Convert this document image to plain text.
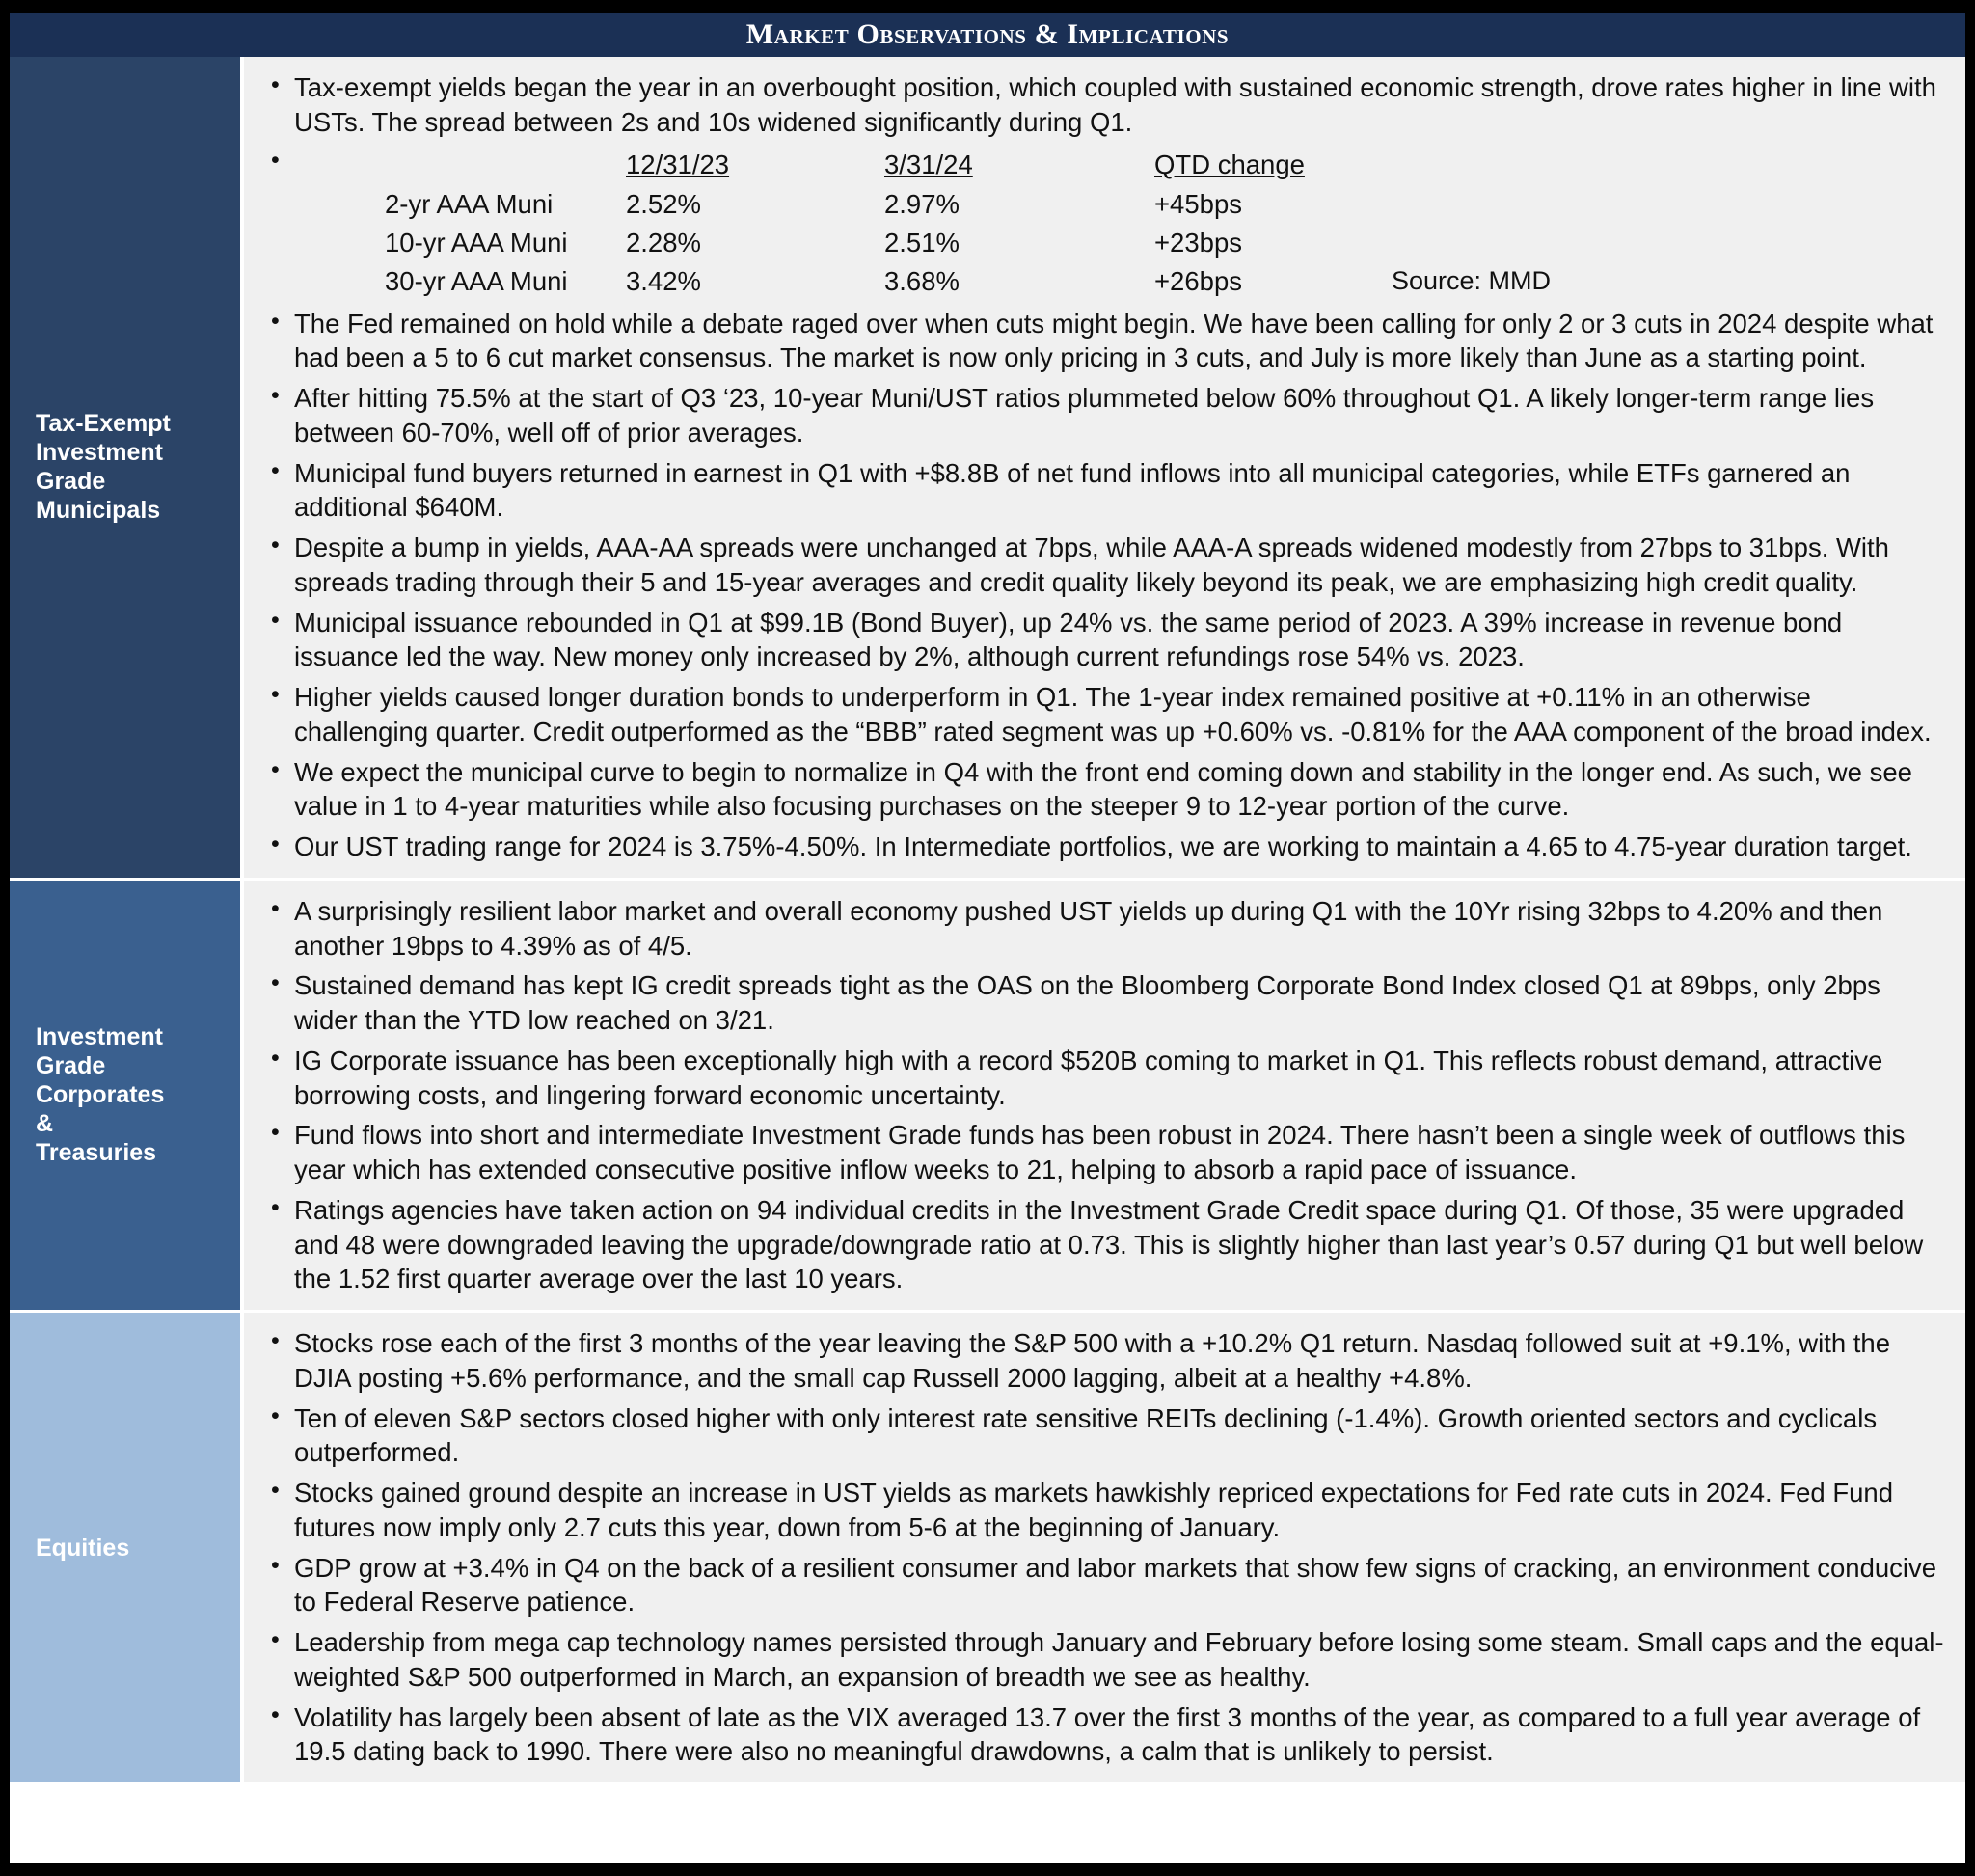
Market Observations & Implications
Tax-Exempt
Investment
Grade
Municipals
• Tax-exempt yields began the year in an overbought position, which coupled with sustained economic strength, drove rates higher in line with USTs. The spread between 2s and 10s widened significantly during Q1.
	• 12/31/23	3/31/24	QTD change
2-yr AAA Muni	2.52%	2.97%	+45bps
10-yr AAA Muni	2.28%	2.51%	+23bps
30-yr AAA Muni	3.42%	3.68%	+26bps	Source: MMD
• The Fed remained on hold while a debate raged over when cuts might begin. We have been calling for only 2 or 3 cuts in 2024 despite what had been a 5 to 6 cut market consensus. The market is now only pricing in 3 cuts, and July is more likely than June as a starting point.
• After hitting 75.5% at the start of Q3 ‘23, 10-year Muni/UST ratios plummeted below 60% throughout Q1. A likely longer-term range lies between 60-70%, well off of prior averages.
• Municipal fund buyers returned in earnest in Q1 with +$8.8B of net fund inflows into all municipal categories, while ETFs garnered an additional $640M.
• Despite a bump in yields, AAA-AA spreads were unchanged at 7bps, while AAA-A spreads widened modestly from 27bps to 31bps. With spreads trading through their 5 and 15-year averages and credit quality likely beyond its peak, we are emphasizing high credit quality.
• Municipal issuance rebounded in Q1 at $99.1B (Bond Buyer), up 24% vs. the same period of 2023. A 39% increase in revenue bond issuance led the way. New money only increased by 2%, although current refundings rose 54% vs. 2023.
• Higher yields caused longer duration bonds to underperform in Q1. The 1-year index remained positive at +0.11% in an otherwise challenging quarter. Credit outperformed as the “BBB” rated segment was up +0.60% vs. -0.81% for the AAA component of the broad index.
• We expect the municipal curve to begin to normalize in Q4 with the front end coming down and stability in the longer end. As such, we see value in 1 to 4-year maturities while also focusing purchases on the steeper 9 to 12-year portion of the curve.
• Our UST trading range for 2024 is 3.75%-4.50%. In Intermediate portfolios, we are working to maintain a 4.65 to 4.75-year duration target.
Investment
Grade
Corporates
&
Treasuries
• A surprisingly resilient labor market and overall economy pushed UST yields up during Q1 with the 10Yr rising 32bps to 4.20% and then another 19bps to 4.39% as of 4/5.
• Sustained demand has kept IG credit spreads tight as the OAS on the Bloomberg Corporate Bond Index closed Q1 at 89bps, only 2bps wider than the YTD low reached on 3/21.
• IG Corporate issuance has been exceptionally high with a record $520B coming to market in Q1. This reflects robust demand, attractive borrowing costs, and lingering forward economic uncertainty.
• Fund flows into short and intermediate Investment Grade funds has been robust in 2024. There hasn’t been a single week of outflows this year which has extended consecutive positive inflow weeks to 21, helping to absorb a rapid pace of issuance.
• Ratings agencies have taken action on 94 individual credits in the Investment Grade Credit space during Q1. Of those, 35 were upgraded and 48 were downgraded leaving the upgrade/downgrade ratio at 0.73. This is slightly higher than last year’s 0.57 during Q1 but well below the 1.52 first quarter average over the last 10 years.
Equities
• Stocks rose each of the first 3 months of the year leaving the S&P 500 with a +10.2% Q1 return. Nasdaq followed suit at +9.1%, with the DJIA posting +5.6% performance, and the small cap Russell 2000 lagging, albeit at a healthy +4.8%.
• Ten of eleven S&P sectors closed higher with only interest rate sensitive REITs declining (-1.4%). Growth oriented sectors and cyclicals outperformed.
• Stocks gained ground despite an increase in UST yields as markets hawkishly repriced expectations for Fed rate cuts in 2024. Fed Fund futures now imply only 2.7 cuts this year, down from 5-6 at the beginning of January.
• GDP grow at +3.4% in Q4 on the back of a resilient consumer and labor markets that show few signs of cracking, an environment conducive to Federal Reserve patience.
• Leadership from mega cap technology names persisted through January and February before losing some steam. Small caps and the equal-weighted S&P 500 outperformed in March, an expansion of breadth we see as healthy.
• Volatility has largely been absent of late as the VIX averaged 13.7 over the first 3 months of the year, as compared to a full year average of 19.5 dating back to 1990. There were also no meaningful drawdowns, a calm that is unlikely to persist.
